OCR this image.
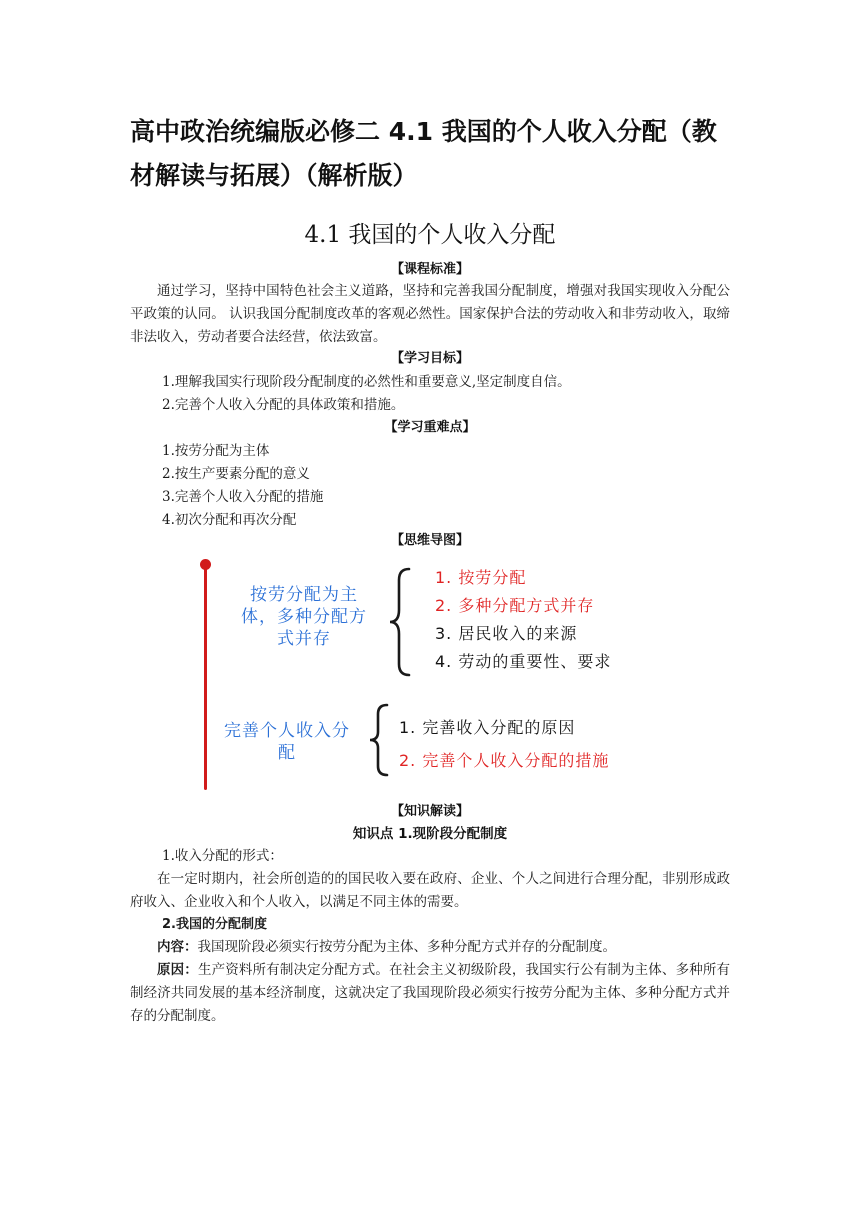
高中政治统编版必修二 4.1 我国的个人收入分配（教材解读与拓展）（解析版）
4.1 我国的个人收入分配

【课程标准】

通过学习，坚持中国特色社会主义道路，坚持和完善我国分配制度，增强对我国实现收入分配公平政策的认同。 认识我国分配制度改革的客观必然性。国家保护合法的劳动收入和非劳动收入，取缔非法收入，劳动者要合法经营，依法致富。

【学习目标】

1.理解我国实行现阶段分配制度的必然性和重要意义,坚定制度自信。

2.完善个人收入分配的具体政策和措施。

【学习重难点】

1.按劳分配为主体

2.按生产要素分配的意义

3.完善个人收入分配的措施

4.初次分配和再次分配

【思维导图】

按劳分配为主体，多种分配方式并存
1. 按劳分配
2. 多种分配方式并存
3. 居民收入的来源
4. 劳动的重要性、要求
完善个人收入分配
1. 完善收入分配的原因
2. 完善个人收入分配的措施

【知识解读】

知识点 1.现阶段分配制度

1.收入分配的形式：

在一定时期内，社会所创造的的国民收入要在政府、企业、个人之间进行合理分配，非别形成政府收入、企业收入和个人收入，以满足不同主体的需要。

2.我国的分配制度

内容：我国现阶段必须实行按劳分配为主体、多种分配方式并存的分配制度。

原因：生产资料所有制决定分配方式。在社会主义初级阶段，我国实行公有制为主体、多种所有制经济共同发展的基本经济制度，这就决定了我国现阶段必须实行按劳分配为主体、多种分配方式并存的分配制度。
